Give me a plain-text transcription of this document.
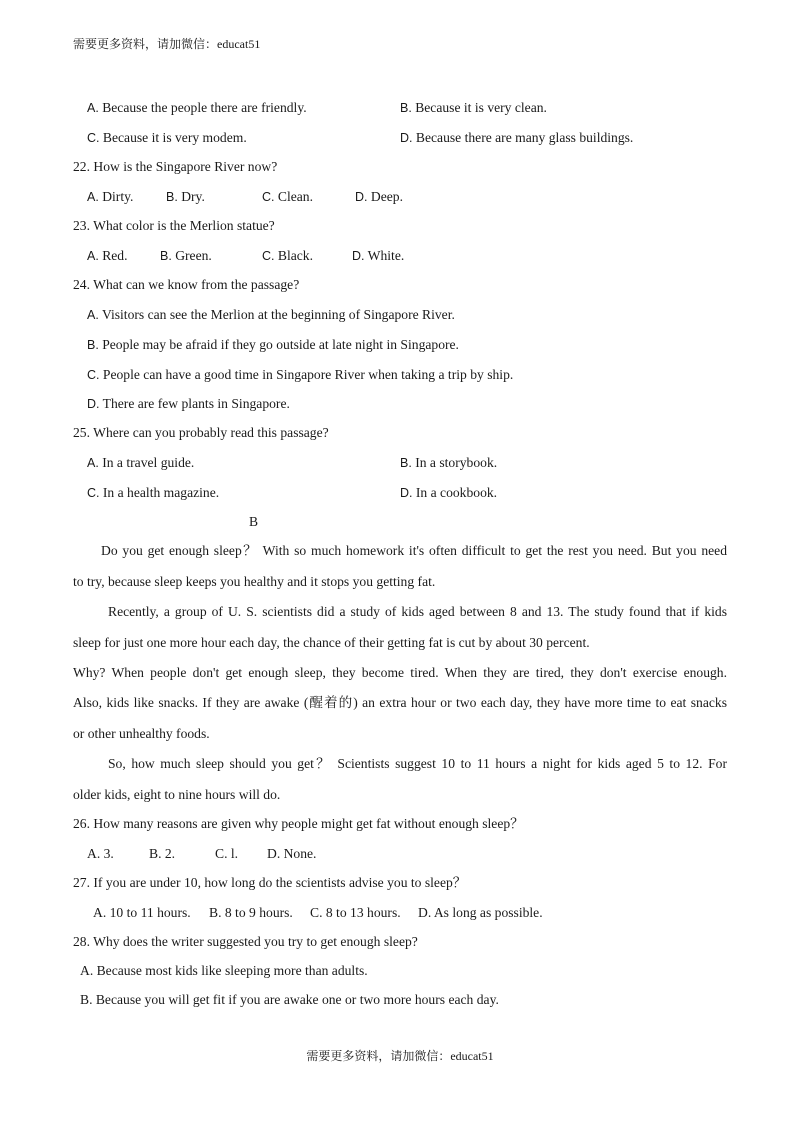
需要更多资料，请加微信：educat51
A. Because the people there are friendly.	B. Because it is very clean.
C. Because it is very modem.	D. Because there are many glass buildings.
22. How is the Singapore River now?
A. Dirty.	B. Dry.	C. Clean.	D. Deep.
23. What color is the Merlion statue?
A. Red.	B. Green.	C. Black.	D. White.
24. What can we know from the passage?
A. Visitors can see the Merlion at the beginning of Singapore River.
B. People may be afraid if they go outside at late night in Singapore.
C. People can have a good time in Singapore River when taking a trip by ship.
D. There are few plants in Singapore.
25. Where can you probably read this passage?
A. In a travel guide.	B. In a storybook.
C. In a health magazine.	D. In a cookbook.
B
Do you get enough sleep？ With so much homework it's often difficult to get the rest you need. But you need
to try, because sleep keeps you healthy and it stops you getting fat.
Recently, a group of U. S. scientists did a study of kids aged between 8 and 13. The study found that if kids
sleep for just one more hour each day, the chance of their getting fat is cut by about 30 percent.
Why? When people don't get enough sleep, they become tired. When they are tired, they don't exercise enough.
Also, kids like snacks. If they are awake (醒着的) an extra hour or two each day, they have more time to eat snacks
or other unhealthy foods.
So, how much sleep should you get？ Scientists suggest 10 to 11 hours a night for kids aged 5 to 12. For
older kids, eight to nine hours will do.
26. How many reasons are given why people might get fat without enough sleep？
A. 3.	B. 2.	C. l. D. None.
27. If you are under 10, how long do the scientists advise you to sleep？
A. 10 to 11 hours. B. 8 to 9 hours. C. 8 to 13 hours. D. As long as possible.
28. Why does the writer suggested you try to get enough sleep?
A. Because most kids like sleeping more than adults.
B. Because you will get fit if you are awake one or two more hours each day.
需要更多资料，请加微信：educat51
